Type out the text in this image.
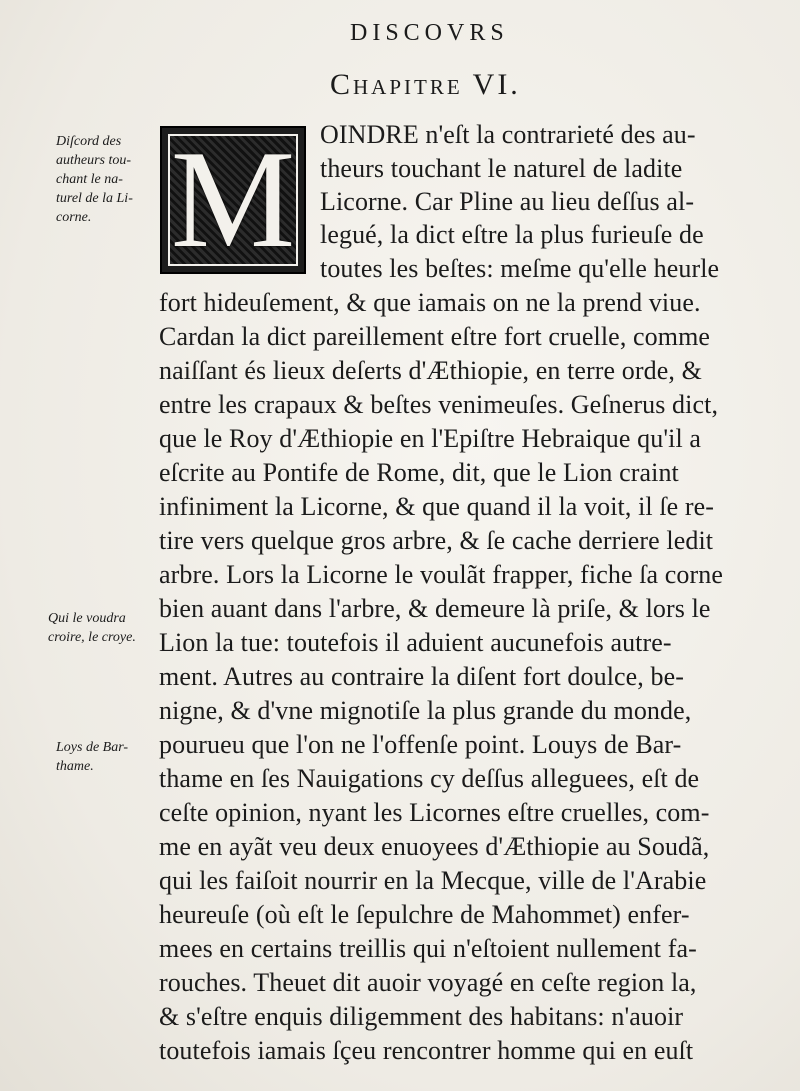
DISCOVRS
Chapitre VI.
Diſcord des
autheurs tou-
chant le na-
turel de la Li-
corne.
Qui le voudra
croire, le croye.
Loys de Bar-
thame.
M OINDRE n'eſt la contrarieté des au-
theurs touchant le naturel de ladite
Licorne. Car Pline au lieu deſſus al-
legué, la dict eſtre la plus furieuſe de
toutes les beſtes: meſme qu'elle heurle
fort hideuſement, & que iamais on ne la prend viue.
Cardan la dict pareillement eſtre fort cruelle, comme
naiſſant és lieux deſerts d'Æthiopie, en terre orde, &
entre les crapaux & beſtes venimeuſes. Geſnerus dict,
que le Roy d'Æthiopie en l'Epiſtre Hebraique qu'il a
eſcrite au Pontife de Rome, dit, que le Lion craint
infiniment la Licorne, & que quand il la voit, il ſe re-
tire vers quelque gros arbre, & ſe cache derriere ledit
arbre. Lors la Licorne le voulãt frapper, fiche ſa corne
bien auant dans l'arbre, & demeure là priſe, & lors le
Lion la tue: toutefois il aduient aucunefois autre-
ment. Autres au contraire la diſent fort doulce, be-
nigne, & d'vne mignotiſe la plus grande du monde,
pourueu que l'on ne l'offenſe point. Louys de Bar-
thame en ſes Nauigations cy deſſus alleguees, eſt de
ceſte opinion, nyant les Licornes eſtre cruelles, com-
me en ayãt veu deux enuoyees d'Æthiopie au Soudã,
qui les faiſoit nourrir en la Mecque, ville de l'Arabie
heureuſe (où eſt le ſepulchre de Mahommet) enfer-
mees en certains treillis qui n'eſtoient nullement fa-
rouches. Theuet dit auoir voyagé en ceſte region la,
& s'eſtre enquis diligemment des habitans: n'auoir
toutefois iamais ſçeu rencontrer homme qui en euſt
